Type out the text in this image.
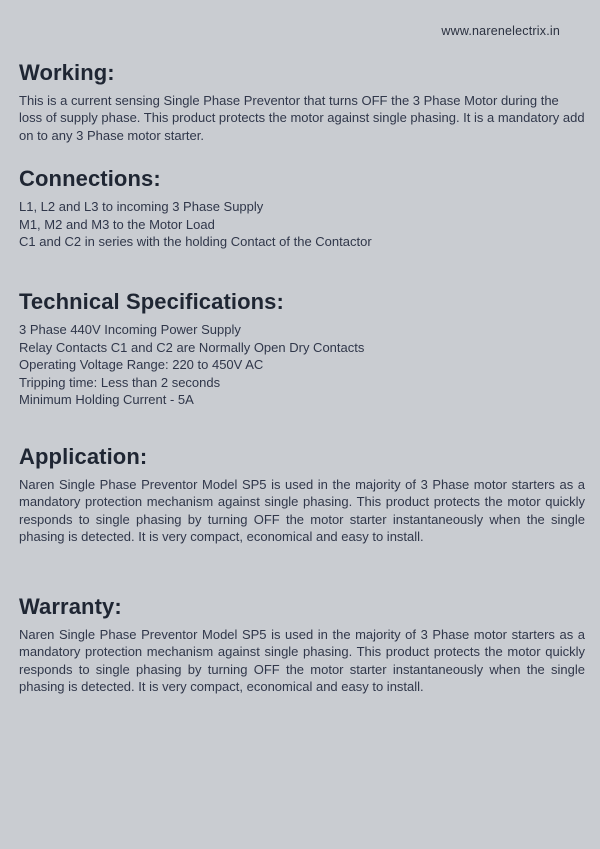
www.narenelectrix.in
Working:

This is a current sensing Single Phase Preventor that turns OFF the 3 Phase Motor during the loss of supply phase. This product protects the motor against single phasing. It is a mandatory add on to any 3 Phase motor starter.

Connections:
L1, L2 and L3 to incoming 3 Phase Supply
M1, M2 and M3 to the Motor Load
C1 and C2 in series with the holding Contact of the Contactor
Technical Specifications:
3 Phase 440V Incoming Power Supply
Relay Contacts C1 and C2 are Normally Open Dry Contacts
Operating Voltage Range: 220 to 450V AC
Tripping time: Less than 2 seconds
Minimum Holding Current - 5A
Application:

Naren Single Phase Preventor Model SP5 is used in the majority of 3 Phase motor starters as a mandatory protection mechanism against single phasing. This product protects the motor quickly responds to single phasing by turning OFF the motor starter instantaneously when the single phasing is detected. It is very compact, economical and easy to install.

Warranty:

Naren Single Phase Preventor Model SP5 is used in the majority of 3 Phase motor starters as a mandatory protection mechanism against single phasing. This product protects the motor quickly responds to single phasing by turning OFF the motor starter instantaneously when the single phasing is detected. It is very compact, economical and easy to install.
